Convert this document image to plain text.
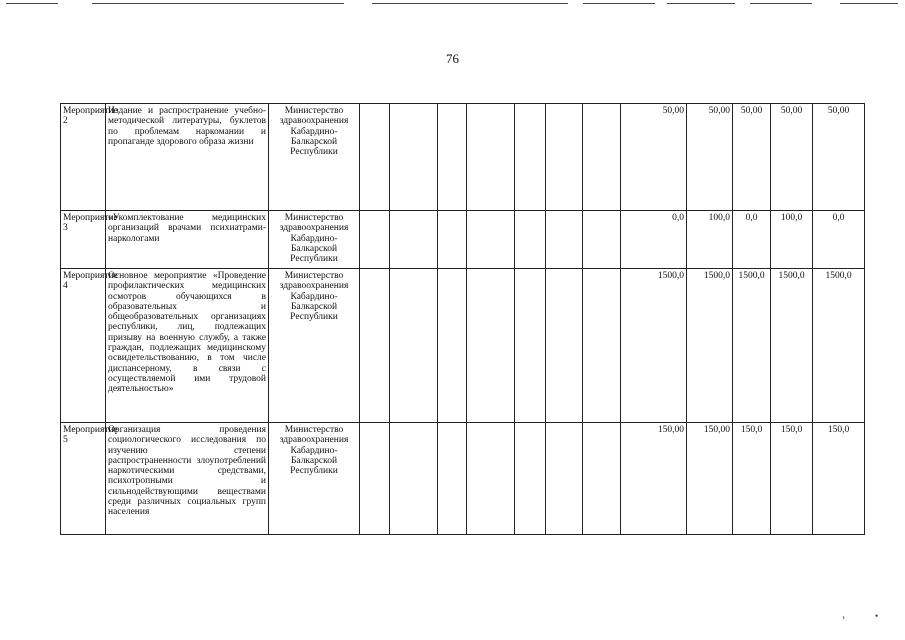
76
Мероприятие 2	Издание и распространение учебно-методической литературы, буклетов по проблемам наркомании и пропаганде здорового образа жизни	Министерство здравоохранения Кабардино-Балкарской Республики								50,00	50,00	50,00	50,00	50,00
Мероприятие 3	«Укомплектование медицинских организаций врачами психиатрами-наркологами	Министерство здравоохранения Кабардино-Балкарской Республики								0,0	100,0	0,0	100,0	0,0
Мероприятие 4	Основное мероприятие «Проведение профилактических медицинских осмотров обучающихся в образовательных и общеобразовательных организациях республики, лиц, подлежащих призыву на военную службу, а также граждан, подлежащих медицинскому освидетельствованию, в том числе диспансерному, в связи с осуществляемой ими трудовой деятельностью»	Министерство здравоохранения Кабардино-Балкарской Республики								1500,0	1500,0	1500,0	1500,0	1500,0
Мероприятие 5	Организация проведения социологического исследования по изучению степени распространенности злоупотреблений наркотическими средствами, психотропными и сильнодействующими веществами среди различных социальных групп населения	Министерство здравоохранения Кабардино-Балкарской Республики								150,00	150,00	150,0	150,0	150,0
›	•
